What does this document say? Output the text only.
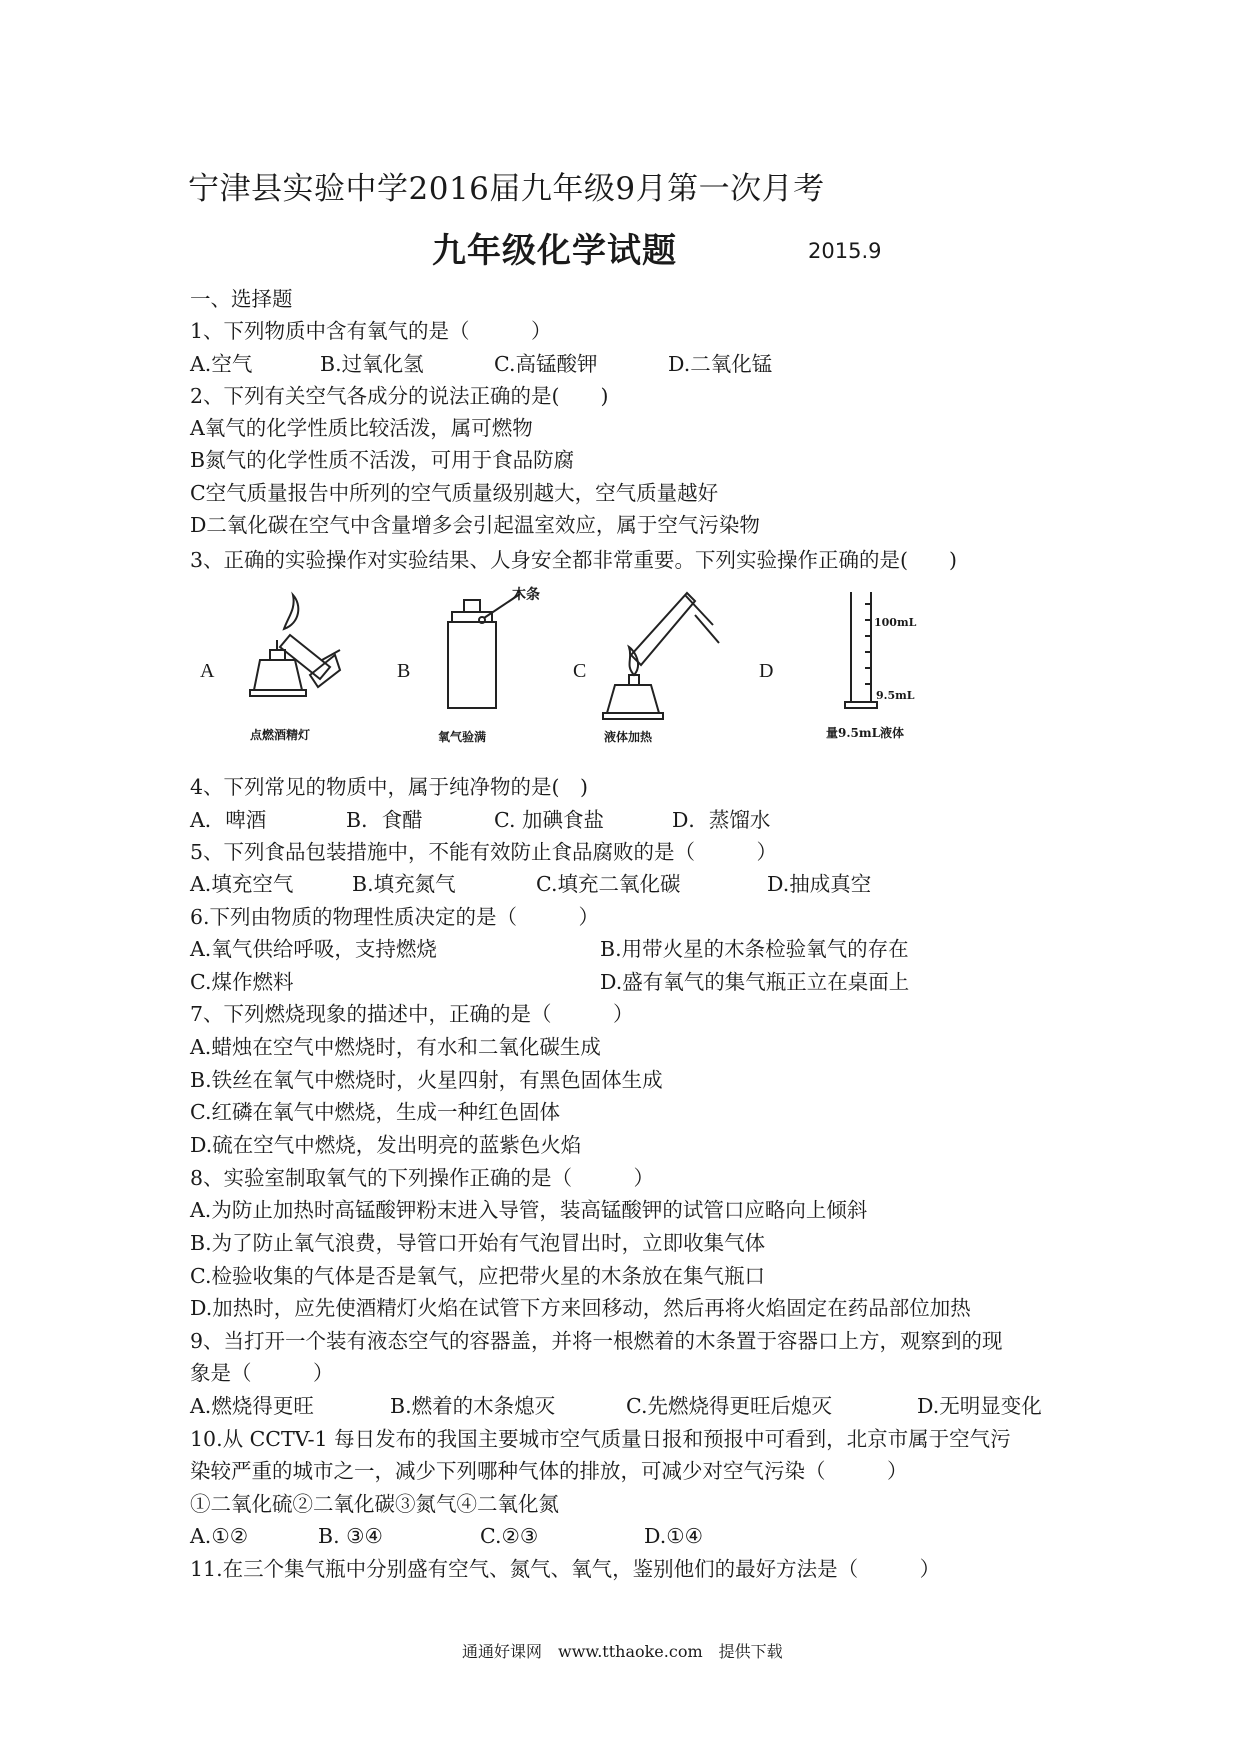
宁津县实验中学2016届九年级9月第一次月考
九年级化学试题	2015.9
一、选择题
1、下列物质中含有氧气的是（　　　）
A.空气	B.过氧化氢	C.高锰酸钾	D.二氧化锰
2、下列有关空气各成分的说法正确的是(　　)
A氧气的化学性质比较活泼，属可燃物
B氮气的化学性质不活泼，可用于食品防腐
C空气质量报告中所列的空气质量级别越大，空气质量越好
D二氧化碳在空气中含量增多会引起温室效应，属于空气污染物
3、正确的实验操作对实验结果、人身安全都非常重要。下列实验操作正确的是(　　)
A	B	C	D
点燃酒精灯
木条
氧气验满	液体加热
100mL
9.5mL
量9.5mL液体
4、下列常见的物质中，属于纯净物的是(　)
A．啤酒	B．食醋	C. 加碘食盐	D．蒸馏水
5、下列食品包装措施中，不能有效防止食品腐败的是（　　　）
A.填充空气	B.填充氮气	C.填充二氧化碳	D.抽成真空
6.下列由物质的物理性质决定的是（　　　）
A.氧气供给呼吸，支持燃烧	B.用带火星的木条检验氧气的存在
C.煤作燃料	D.盛有氧气的集气瓶正立在桌面上
7、下列燃烧现象的描述中，正确的是（　　　）
A.蜡烛在空气中燃烧时，有水和二氧化碳生成
B.铁丝在氧气中燃烧时，火星四射，有黑色固体生成
C.红磷在氧气中燃烧，生成一种红色固体
D.硫在空气中燃烧，发出明亮的蓝紫色火焰
8、实验室制取氧气的下列操作正确的是（　　　）
A.为防止加热时高锰酸钾粉末进入导管，装高锰酸钾的试管口应略向上倾斜
B.为了防止氧气浪费，导管口开始有气泡冒出时，立即收集气体
C.检验收集的气体是否是氧气，应把带火星的木条放在集气瓶口
D.加热时，应先使酒精灯火焰在试管下方来回移动，然后再将火焰固定在药品部位加热
9、当打开一个装有液态空气的容器盖，并将一根燃着的木条置于容器口上方，观察到的现
象是（　　　）
A.燃烧得更旺	B.燃着的木条熄灭	C.先燃烧得更旺后熄灭	D.无明显变化
10.从 CCTV-1 每日发布的我国主要城市空气质量日报和预报中可看到，北京市属于空气污
染较严重的城市之一，减少下列哪种气体的排放，可减少对空气污染（　　　）
①二氧化硫②二氧化碳③氮气④二氧化氮
A.①②	B. ③④	C.②③	D.①④
11.在三个集气瓶中分别盛有空气、氮气、氧气，鉴别他们的最好方法是（　　　）
通通好课网　www.tthaoke.com　提供下载
